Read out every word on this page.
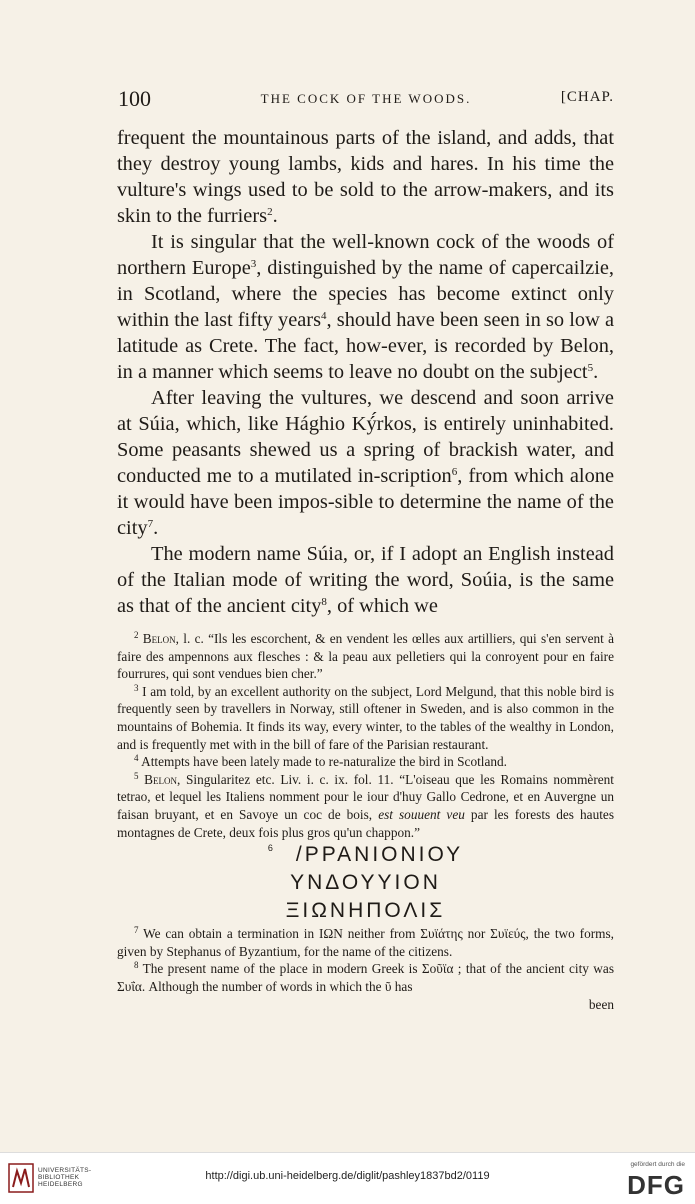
100	THE COCK OF THE WOODS.	[CHAP.

frequent the mountainous parts of the island, and adds, that they destroy young lambs, kids and hares. In his time the vulture's wings used to be sold to the arrow-makers, and its skin to the furriers$^2$.

It is singular that the well-known cock of the woods of northern Europe$^3$, distinguished by the name of capercailzie, in Scotland, where the species has become extinct only within the last fifty years$^4$, should have been seen in so low a latitude as Crete. The fact, how-ever, is recorded by Belon, in a manner which seems to leave no doubt on the subject$^5$.

After leaving the vultures, we descend and soon arrive at Súia, which, like Hághio Ký́rkos, is entirely uninhabited. Some peasants shewed us a spring of brackish water, and conducted me to a mutilated in-scription$^6$, from which alone it would have been impos-sible to determine the name of the city$^7$.

The modern name Súia, or, if I adopt an English instead of the Italian mode of writing the word, Soúia, is the same as that of the ancient city$^8$, of which we

$^2$ Belon, l. c. “Ils les escorchent, & en vendent les œlles aux artilliers, qui s'en servent à faire des ampennons aux flesches : & la peau aux pelletiers qui la conroyent pour en faire fourrures, qui sont vendues bien cher.”

$^3$ I am told, by an excellent authority on the subject, Lord Melgund, that this noble bird is frequently seen by travellers in Norway, still oftener in Sweden, and is also common in the mountains of Bohemia. It finds its way, every winter, to the tables of the wealthy in London, and is frequently met with in the bill of fare of the Parisian restaurant.

$^4$ Attempts have been lately made to re-naturalize the bird in Scotland.

$^5$ Belon, Singularitez etc. Liv. i. c. ix. fol. 11. “L'oiseau que les Romains nommèrent tetrao, et lequel les Italiens nomment pour le iour d'huy Gallo Cedrone, et en Auvergne un faisan bruyant, et en Savoye un coc de bois, est souuent veu par les forests des hautes montagnes de Crete, deux fois plus gros qu'un chappon.”

$^6$ /ΡΡΑΝΙΟΝΙΟΥ
ΥΝΔΟΥΥΙΟΝ
ΞΙΩΝΗΠΟΛΙΣ

$^7$ We can obtain a termination in ΙΩΝ neither from Συϊάτης nor Συϊεύς, the two forms, given by Stephanus of Byzantium, for the name of the citizens.

$^8$ The present name of the place in modern Greek is Σοῦϊα ; that of the ancient city was Συΐα. Although the number of words in which the ῦ has

been

UNIVERSITÄTS-
BIBLIOTHEK
HEIDELBERG
http://digi.ub.uni-heidelberg.de/diglit/pashley1837bd2/0119
gefördert durch die
DFG
